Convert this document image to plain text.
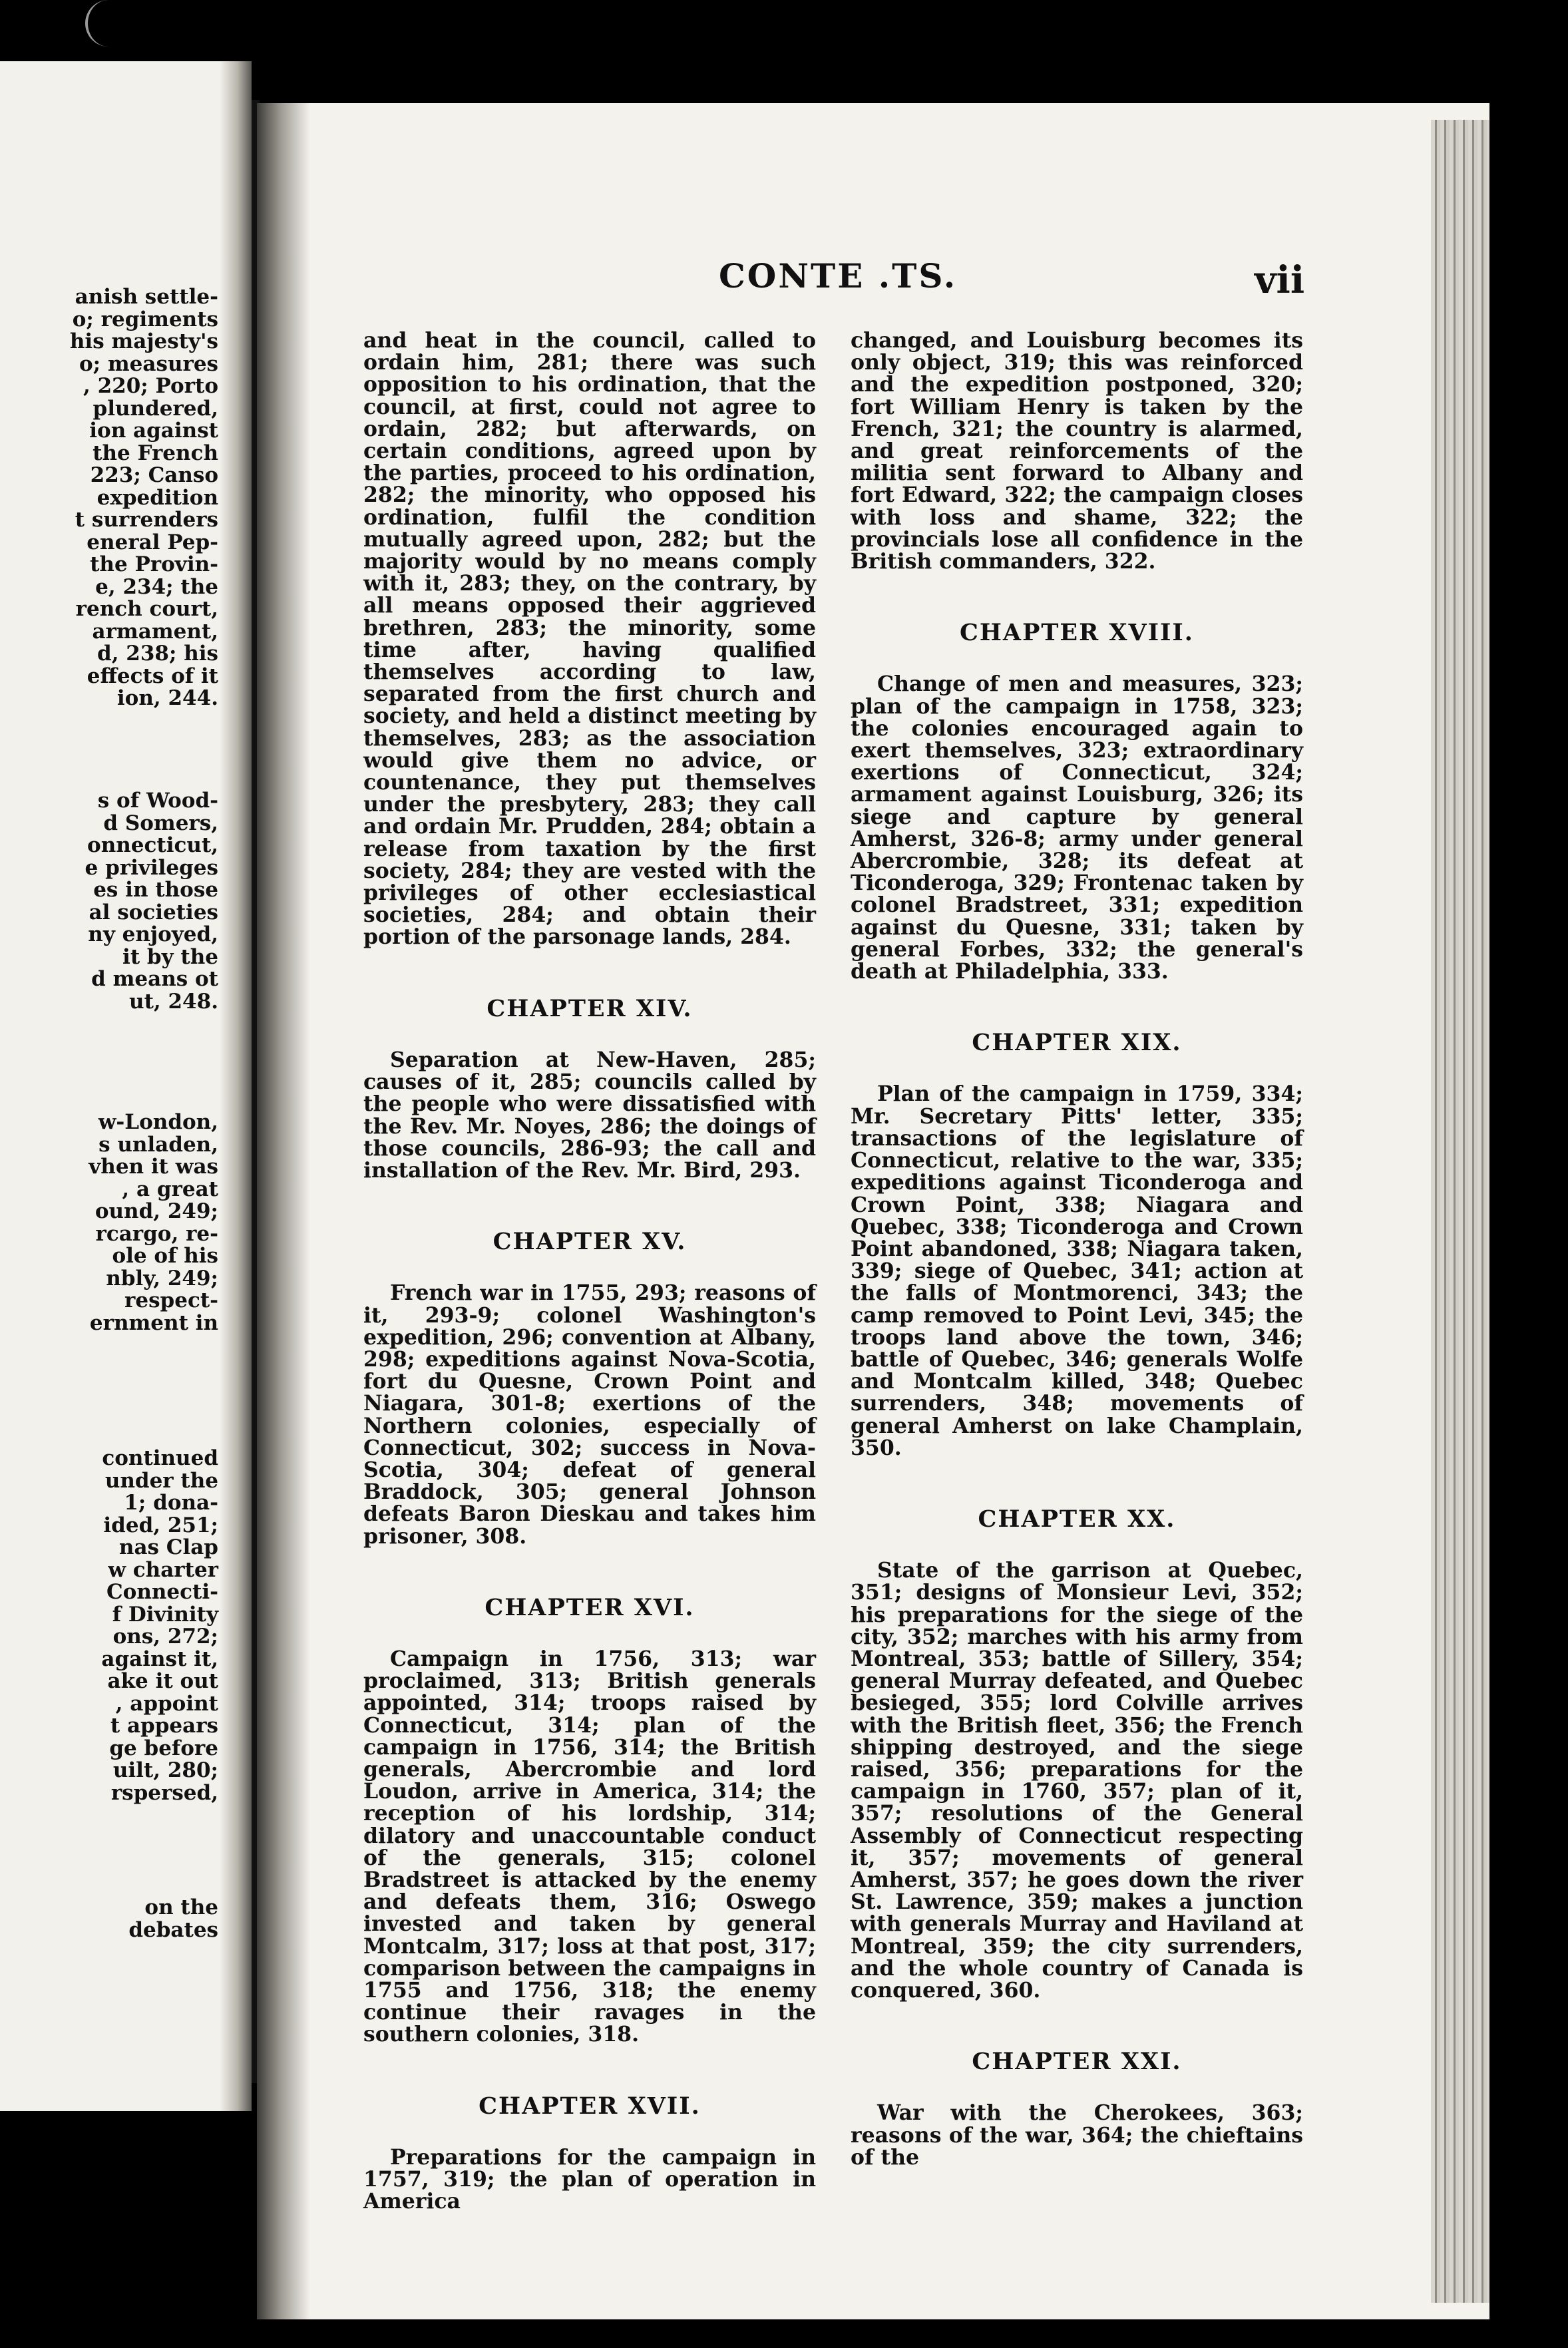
anish settle-
o; regiments
his majesty's
o; measures
, 220; Porto
plundered,
ion against
the French
223; Canso
expedition
t surrenders
eneral Pep-
the Provin-
e, 234; the
rench court,
armament,
d, 238; his
effects of it
ion, 244.
s of Wood-
d Somers,
onnecticut,
e privileges
es in those
al societies
ny enjoyed,
it by the
d means ot
ut, 248.
w-London,
s unladen,
vhen it was
, a great
ound, 249;
rcargo, re-
ole of his
nbly, 249;
respect-
ernment in
continued
under the
1; dona-
ided, 251;
nas Clap
w charter
Connecti-
f Divinity
ons, 272;
against it,
ake it out
, appoint
t appears
ge before
uilt, 280;
rspersed,
on the
debates
CONTE .TS.	vii

and heat in the council, called to ordain him, 281; there was such opposition to his ordination, that the council, at first, could not agree to ordain, 282; but afterwards, on certain conditions, agreed upon by the parties, proceed to his ordination, 282; the minority, who opposed his ordination, fulfil the condition mutually agreed upon, 282; but the majority would by no means comply with it, 283; they, on the contrary, by all means opposed their aggrieved brethren, 283; the minority, some time after, having qualified themselves according to law, separated from the first church and society, and held a distinct meeting by themselves, 283; as the association would give them no advice, or countenance, they put themselves under the presbytery, 283; they call and ordain Mr. Prudden, 284; obtain a release from taxation by the first society, 284; they are vested with the privileges of other ecclesiastical societies, 284; and obtain their portion of the parsonage lands, 284.

CHAPTER XIV.

Separation at New-Haven, 285; causes of it, 285; councils called by the people who were dissatisfied with the Rev. Mr. Noyes, 286; the doings of those councils, 286-93; the call and installation of the Rev. Mr. Bird, 293.

CHAPTER XV.

French war in 1755, 293; reasons of it, 293-9; colonel Washington's expedition, 296; convention at Albany, 298; expeditions against Nova-Scotia, fort du Quesne, Crown Point and Niagara, 301-8; exertions of the Northern colonies, especially of Connecticut, 302; success in Nova-Scotia, 304; defeat of general Braddock, 305; general Johnson defeats Baron Dieskau and takes him prisoner, 308.

CHAPTER XVI.

Campaign in 1756, 313; war proclaimed, 313; British generals appointed, 314; troops raised by Connecticut, 314; plan of the campaign in 1756, 314; the British generals, Abercrombie and lord Loudon, arrive in America, 314; the reception of his lordship, 314; dilatory and unaccountable conduct of the generals, 315; colonel Bradstreet is attacked by the enemy and defeats them, 316; Oswego invested and taken by general Montcalm, 317; loss at that post, 317; comparison between the campaigns in 1755 and 1756, 318; the enemy continue their ravages in the southern colonies, 318.

CHAPTER XVII.

Preparations for the campaign in 1757, 319; the plan of operation in America

changed, and Louisburg becomes its only object, 319; this was reinforced and the expedition postponed, 320; fort William Henry is taken by the French, 321; the country is alarmed, and great reinforcements of the militia sent forward to Albany and fort Edward, 322; the campaign closes with loss and shame, 322; the provincials lose all confidence in the British commanders, 322.

CHAPTER XVIII.

Change of men and measures, 323; plan of the campaign in 1758, 323; the colonies encouraged again to exert themselves, 323; extraordinary exertions of Connecticut, 324; armament against Louisburg, 326; its siege and capture by general Amherst, 326-8; army under general Abercrombie, 328; its defeat at Ticonderoga, 329; Frontenac taken by colonel Bradstreet, 331; expedition against du Quesne, 331; taken by general Forbes, 332; the general's death at Philadelphia, 333.

CHAPTER XIX.

Plan of the campaign in 1759, 334; Mr. Secretary Pitts' letter, 335; transactions of the legislature of Connecticut, relative to the war, 335; expeditions against Ticonderoga and Crown Point, 338; Niagara and Quebec, 338; Ticonderoga and Crown Point abandoned, 338; Niagara taken, 339; siege of Quebec, 341; action at the falls of Montmorenci, 343; the camp removed to Point Levi, 345; the troops land above the town, 346; battle of Quebec, 346; generals Wolfe and Montcalm killed, 348; Quebec surrenders, 348; movements of general Amherst on lake Champlain, 350.

CHAPTER XX.

State of the garrison at Quebec, 351; designs of Monsieur Levi, 352; his preparations for the siege of the city, 352; marches with his army from Montreal, 353; battle of Sillery, 354; general Murray defeated, and Quebec besieged, 355; lord Colville arrives with the British fleet, 356; the French shipping destroyed, and the siege raised, 356; preparations for the campaign in 1760, 357; plan of it, 357; resolutions of the General Assembly of Connecticut respecting it, 357; movements of general Amherst, 357; he goes down the river St. Lawrence, 359; makes a junction with generals Murray and Haviland at Montreal, 359; the city surrenders, and the whole country of Canada is conquered, 360.

CHAPTER XXI.

War with the Cherokees, 363; reasons of the war, 364; the chieftains of the
